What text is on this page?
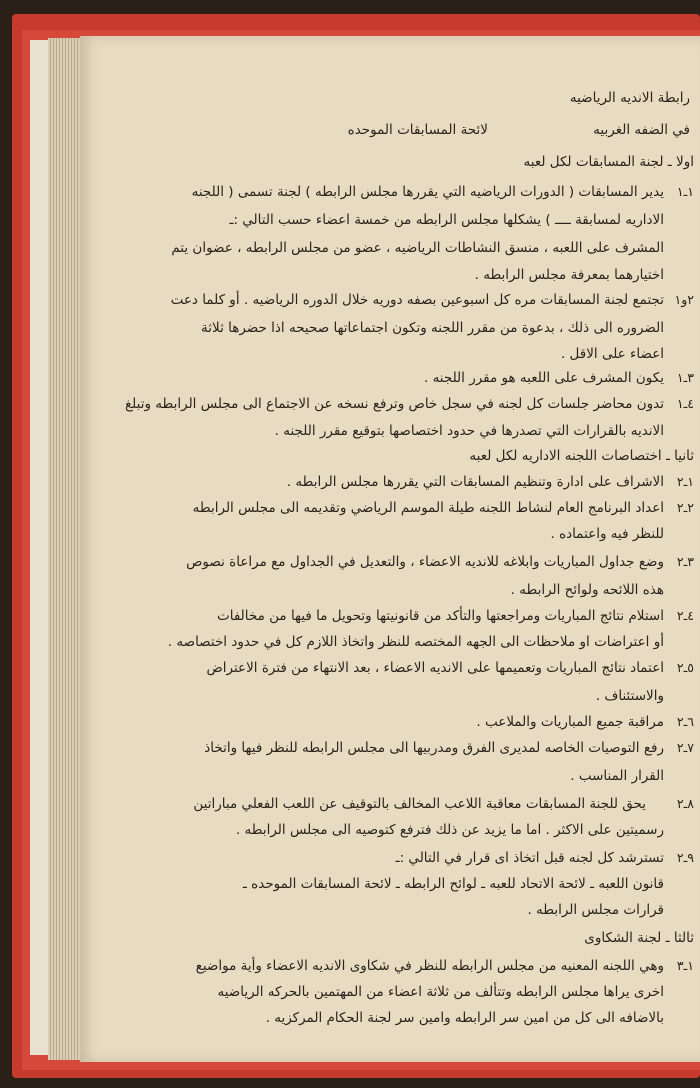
رابطة الانديه الرياضيه
في الضفه الغربيه
لائحة المسابقات الموحده
اولا ـ لجنة المسابقات لكل لعبه
١ـ١
يدير المسابقات ( الدورات الرياضيه التي يقررها مجلس الرابطه ) لجنة تسمى ( اللجنه
الاداريه لمسابقة ــــ ) يشكلها مجلس الرابطه من خمسة اعضاء حسب التالي :ـ
المشرف على اللعبه ، منسق النشاطات الرياضيه ، عضو من مجلس الرابطه ، عضوان يتم
اختيارهما بمعرفة مجلس الرابطه .
٢و١
تجتمع لجنة المسابقات مره كل اسبوعين بصفه دوريه خلال الدوره الرياضيه . أو كلما دعت
الضروره الى ذلك ، بدعوة من مقرر اللجنه وتكون اجتماعاتها صحيحه اذا حضرها ثلاثة
اعضاء على الاقل .
٣ـ١
يكون المشرف على اللعبه هو مقرر اللجنه .
٤ـ١
تدون محاضر جلسات كل لجنه في سجل خاص وترفع نسخه عن الاجتماع الى مجلس الرابطه وتبلغ
الانديه بالقرارات التي تصدرها في حدود اختصاصها بتوقيع مقرر اللجنه .
ثانيا ـ اختصاصات اللجنه الاداريه لكل لعبه
١ـ٢
الاشراف على ادارة وتنظيم المسابقات التي يقررها مجلس الرابطه .
٢ـ٢
اعداد البرنامج العام لنشاط اللجنه طيلة الموسم الرياضي وتقديمه الى مجلس الرابطه
للنظر فيه واعتماده .
٣ـ٢
وضع جداول المباريات وابلاغه للانديه الاعضاء ، والتعديل في الجداول مع مراعاة نصوص
هذه اللائحه ولوائح الرابطه .
٤ـ٢
استلام نتائج المباريات ومراجعتها والتأكد من قانونيتها وتحويل ما فيها من مخالفات
أو اعتراضات او ملاحظات الى الجهه المختصه للنظر واتخاذ اللازم كل في حدود اختصاصه .
٥ـ٢
اعتماد نتائج المباريات وتعميمها على الانديه الاعضاء ، بعد الانتهاء من فترة الاعتراض
والاستئناف .
٦ـ٢
مراقبة جميع المباريات والملاعب .
٧ـ٢
رفع التوصيات الخاصه لمديرى الفرق ومدربيها الى مجلس الرابطه للنظر فيها واتخاذ
القرار المناسب .
٨ـ٢
يحق للجنة المسابقات معاقبة اللاعب المخالف بالتوقيف عن اللعب الفعلي مباراتين
رسميتين على الاكثر . اما ما يزيد عن ذلك فترفع كتوصيه الى مجلس الرابطه .
٩ـ٢
تسترشد كل لجنه قبل اتخاذ اى قرار في التالي :ـ
قانون اللعبه ـ لائحة الاتحاد للعبه ـ لوائح الرابطه ـ لائحة المسابقات الموحده ـ
قرارات مجلس الرابطه .
ثالثا ـ لجنة الشكاوى
١ـ٣
وهي اللجنه المعنيه من مجلس الرابطه للنظر في شكاوى الانديه الاعضاء وأية مواضيع
اخرى يراها مجلس الرابطه وتتألف من ثلاثة اعضاء من المهتمين بالحركه الرياضيه
بالاضافه الى كل من امين سر الرابطه وامين سر لجنة الحكام المركزيه .
